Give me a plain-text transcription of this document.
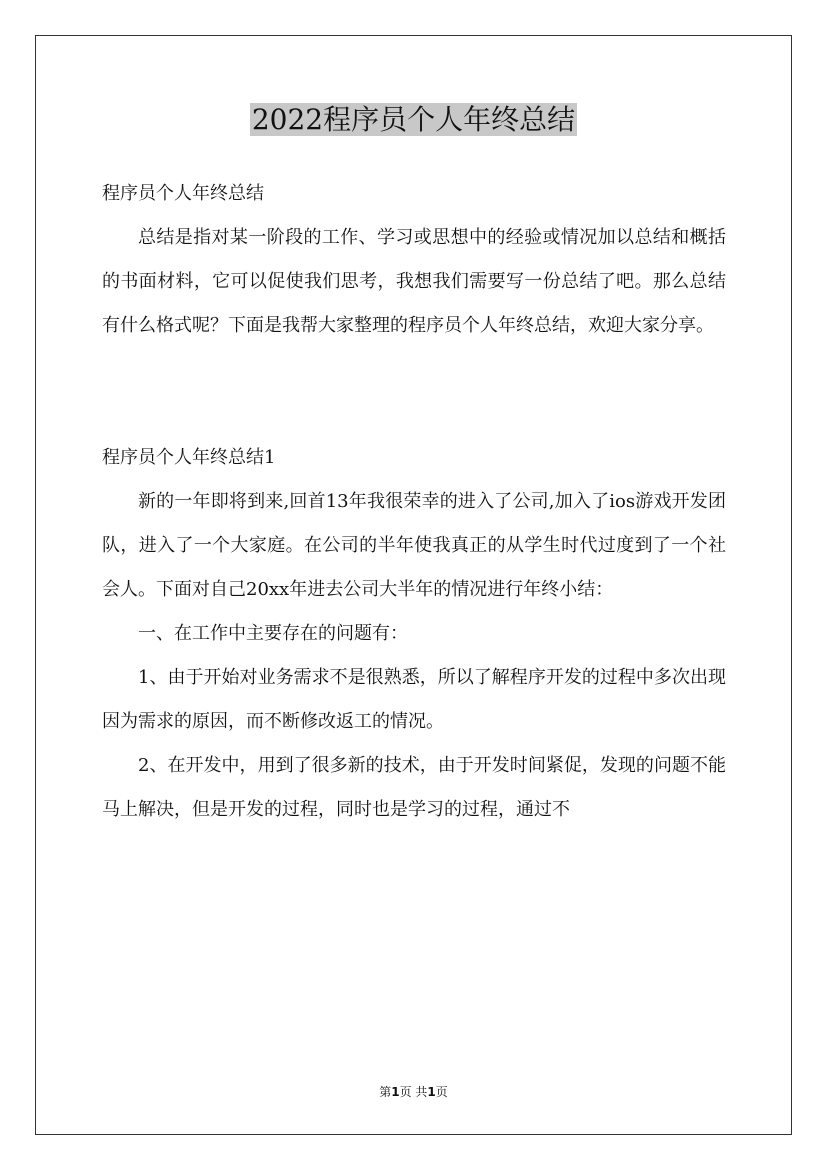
2022程序员个人年终总结

程序员个人年终总结

总结是指对某一阶段的工作、学习或思想中的经验或情况加以总结和概括的书面材料，它可以促使我们思考，我想我们需要写一份总结了吧。那么总结有什么格式呢？下面是我帮大家整理的程序员个人年终总结，欢迎大家分享。

程序员个人年终总结1

新的一年即将到来,回首13年我很荣幸的进入了公司,加入了ios游戏开发团队，进入了一个大家庭。在公司的半年使我真正的从学生时代过度到了一个社会人。下面对自己20xx年进去公司大半年的情况进行年终小结：

一、在工作中主要存在的问题有：

1、由于开始对业务需求不是很熟悉，所以了解程序开发的过程中多次出现因为需求的原因，而不断修改返工的情况。

2、在开发中，用到了很多新的技术，由于开发时间紧促，发现的问题不能马上解决，但是开发的过程，同时也是学习的过程，通过不

第1页 共1页
